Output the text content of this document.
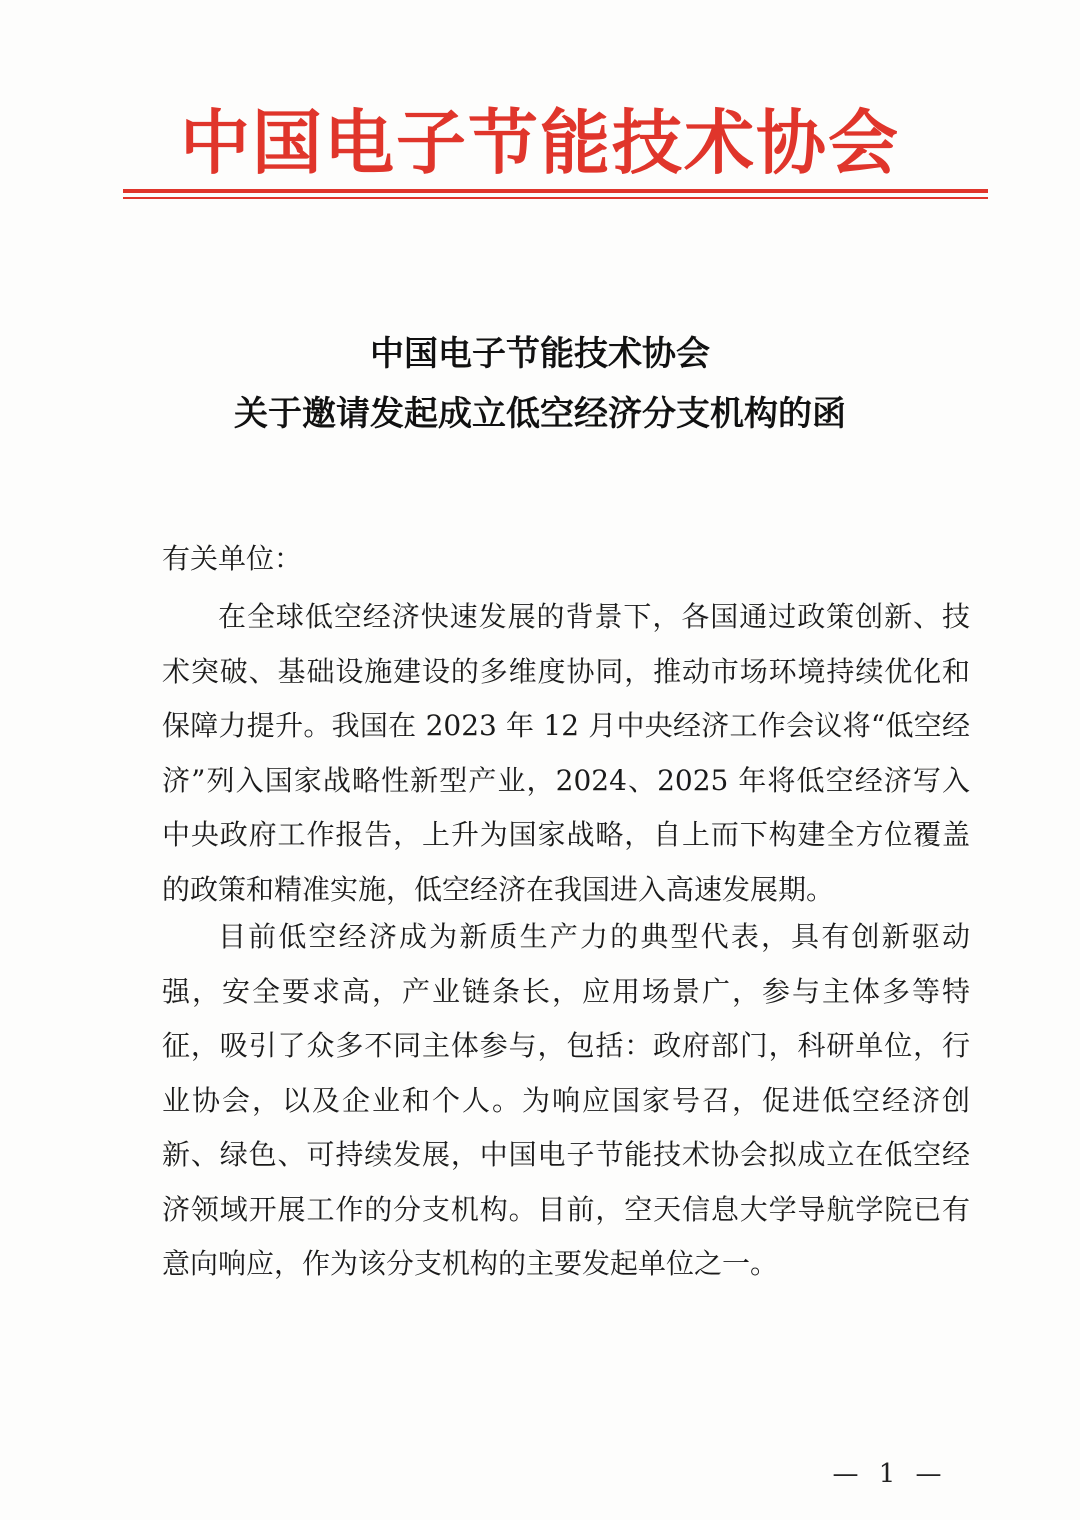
中国电子节能技术协会
中国电子节能技术协会
关于邀请发起成立低空经济分支机构的函
有关单位：

在全球低空经济快速发展的背景下，各国通过政策创新、技术突破、基础设施建设的多维度协同，推动市场环境持续优化和保障力提升。我国在 2023 年 12 月中央经济工作会议将“低空经济”列入国家战略性新型产业，2024、2025 年将低空经济写入中央政府工作报告，上升为国家战略，自上而下构建全方位覆盖的政策和精准实施，低空经济在我国进入高速发展期。

目前低空经济成为新质生产力的典型代表，具有创新驱动强，安全要求高，产业链条长，应用场景广，参与主体多等特征，吸引了众多不同主体参与，包括：政府部门，科研单位，行业协会，以及企业和个人。为响应国家号召，促进低空经济创新、绿色、可持续发展，中国电子节能技术协会拟成立在低空经济领域开展工作的分支机构。目前，空天信息大学导航学院已有意向响应，作为该分支机构的主要发起单位之一。

— 1 —
